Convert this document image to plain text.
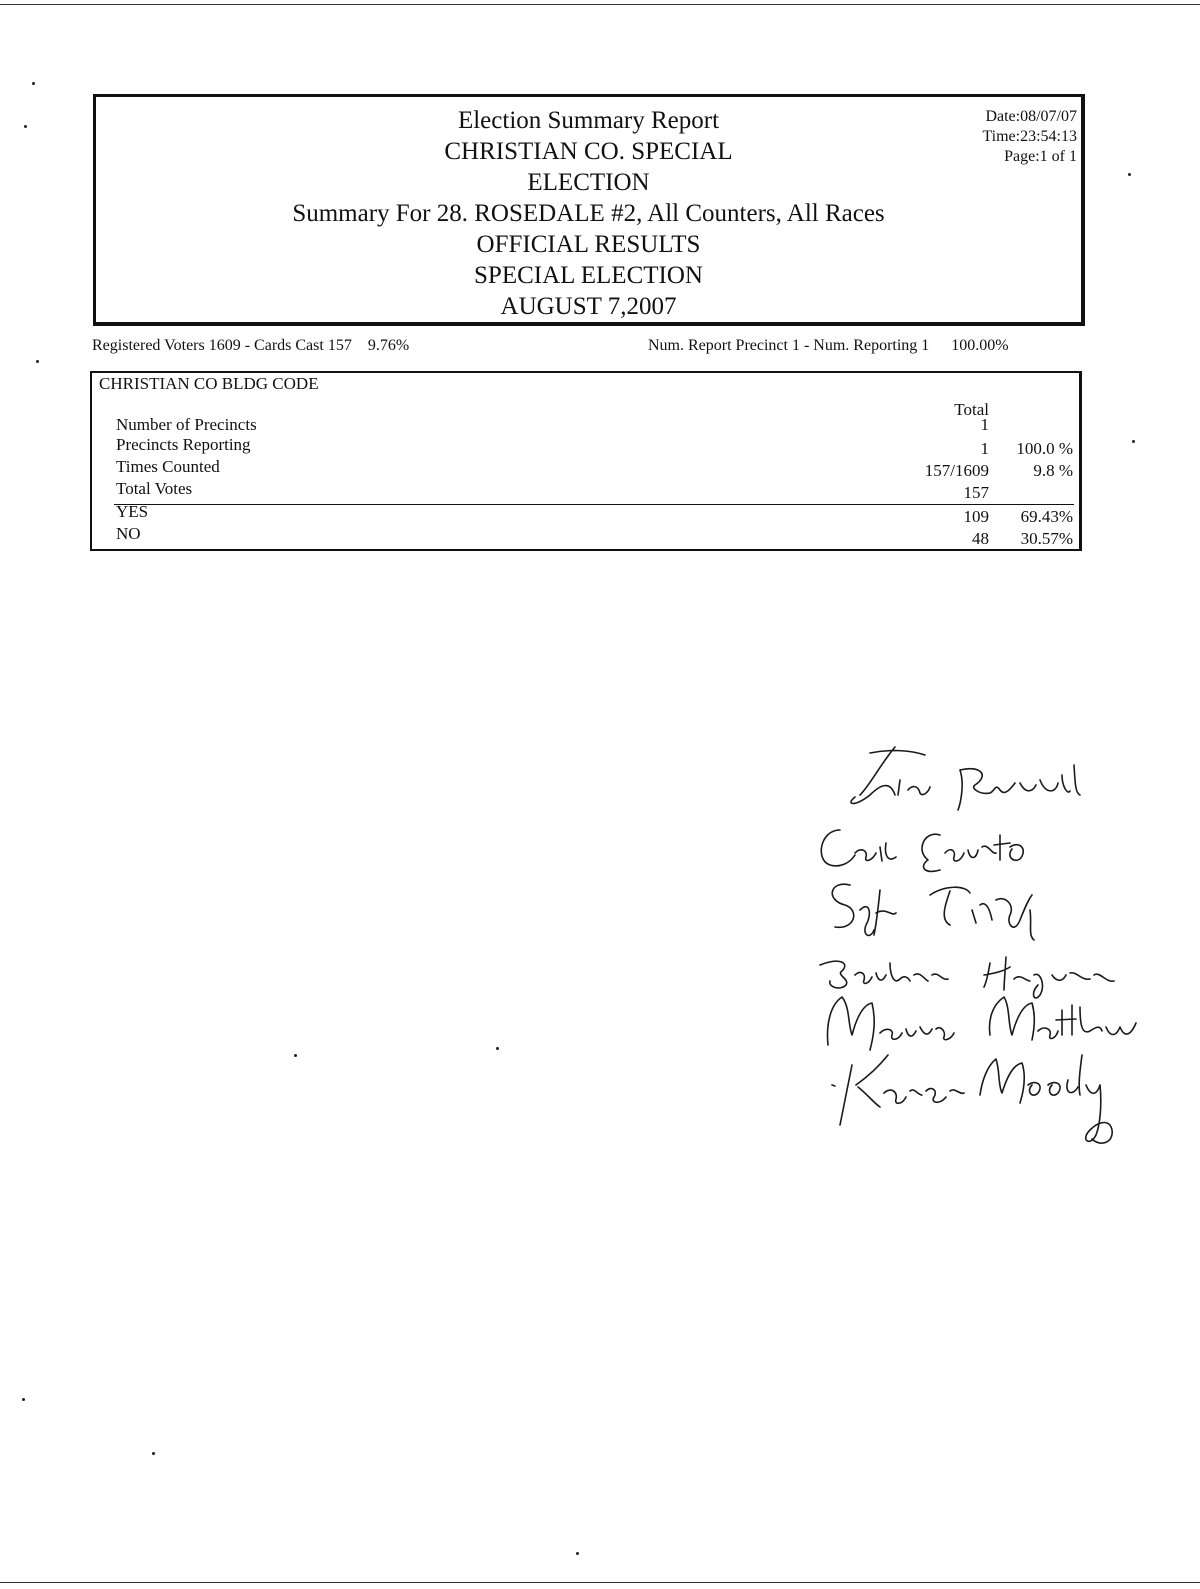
Election Summary Report
CHRISTIAN CO. SPECIAL
ELECTION
Summary For 28. ROSEDALE #2, All Counters, All Races
OFFICIAL RESULTS
SPECIAL ELECTION
AUGUST 7,2007
Date:08/07/07
Time:23:54:13
Page:1 of 1
Registered Voters 1609 - Cards Cast 157 9.76%	Num. Report Precinct 1 - Num. Reporting 1 100.00%
CHRISTIAN CO BLDG CODE
Total
Number of Precincts	1
Precincts Reporting	1 100.0 %
Times Counted	157/1609	9.8 %
Total Votes	157
YES	109 69.43%
NO	48 30.57%
